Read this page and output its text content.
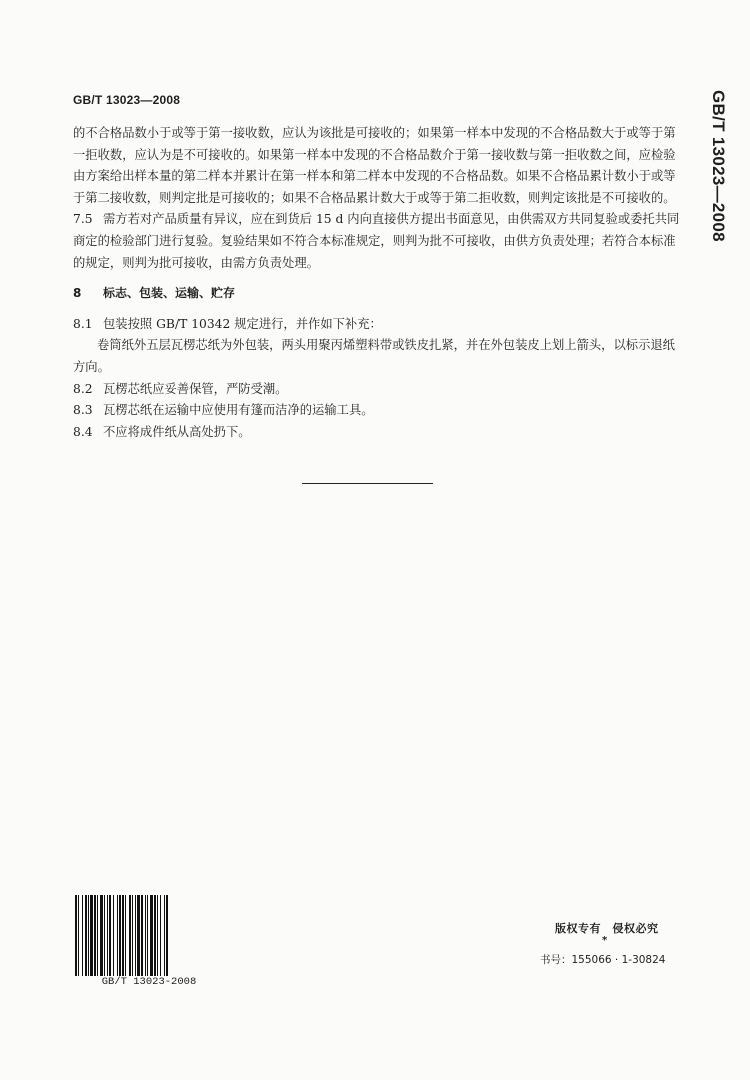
GB/T 13023—2008	GB/T 13023—2008

的不合格品数小于或等于第一接收数，应认为该批是可接收的；如果第一样本中发现的不合格品数大于或等于第一拒收数，应认为是不可接收的。如果第一样本中发现的不合格品数介于第一接收数与第一拒收数之间，应检验由方案给出样本量的第二样本并累计在第一样本和第二样本中发现的不合格品数。如果不合格品累计数小于或等于第二接收数，则判定批是可接收的；如果不合格品累计数大于或等于第二拒收数，则判定该批是不可接收的。

7.5 需方若对产品质量有异议，应在到货后 15 d 内向直接供方提出书面意见，由供需双方共同复验或委托共同商定的检验部门进行复验。复验结果如不符合本标准规定，则判为批不可接收，由供方负责处理；若符合本标准的规定，则判为批可接收，由需方负责处理。

8 标志、包装、运输、贮存

8.1 包装按照 GB/T 10342 规定进行，并作如下补充：

卷筒纸外五层瓦楞芯纸为外包装，两头用聚丙烯塑料带或铁皮扎紧，并在外包装皮上划上箭头，以标示退纸方向。

8.2 瓦楞芯纸应妥善保管，严防受潮。

8.3 瓦楞芯纸在运输中应使用有篷而洁净的运输工具。

8.4 不应将成件纸从高处扔下。

GB/T 13023-2008
版权专有　侵权必究
*
书号：155066 · 1-30824
